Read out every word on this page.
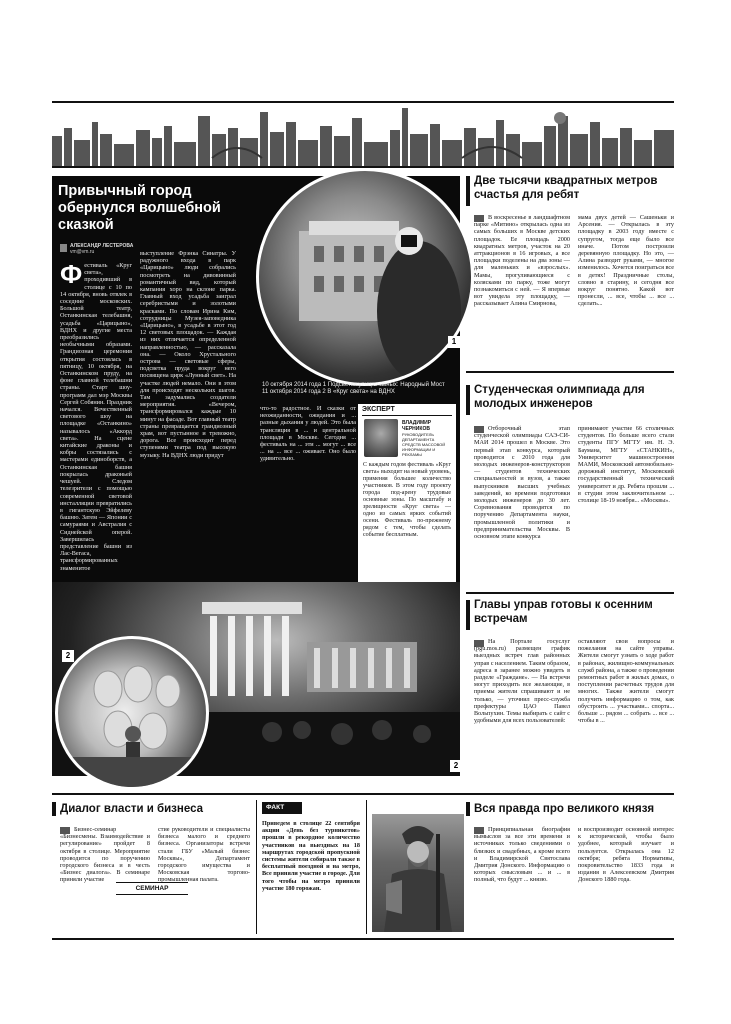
Привычный город обернулся волшебной сказкой
АЛЕКСАНДР ЛЕСТЕРОВА
vm@vm.ru
Фестиваль «Круг света», проходивший в столице с 10 по 14 октября, вновь отвлек в соседние московских. Большой театр, Останкинская телебашня, усадьба «Царицыно», ВДНХ и другие места преобразились необычными образами. Грандиозная церемония открытия состоялась в пятницу, 10 октября, на Останкинском пруду, на фоне главной телебашни страны. Старт шоу-программ дал мэр Москвы Сергей Собянин. Праздник начался. Вечественный светового шоу на площадке «Останкино» называлось «Аккорд света». На сцене китайские драконы и кобры состязались с мастерами единоборств, а Останкинская башня покрылась драконьей чешуей. Следом телезрители с помощью современной световой инсталляции превратились в гигантскую Эйфелеву башню. Затем — Японии с самураями и Австралия с Сиднейской оперой. Завершилась представление башни из Лас-Вегаса, трансформированных знаменитое
выступление Фрэнка Синатры. У радужного входа в парк «Царицыно» люди собрались посмотреть на дивовинный романтичный вид, который кампания хоро на склоне парка. Главный вход усадьба заиграл серебристыми и золотыми красками. По словам Ирина Ким, сотрудницы Музея-заповедника «Царицыно», в усадьбе в этот год 12 световых площадок. — Каждая из них отличается определенной направленностью, — рассказала она. — Около Хрустального острова — световые сферы, подсветка пруда вокруг него посвящена цирк «Лунный свет». На участке людей немало. Они в этом для происходят нескольких шагов. Там задумались создатели мероприятия. «Вечером, трансформировался каждые 10 минут на фасаде. Вот главный театр страны превращается грандиозный храм, вот пустынное и тревожно, дорога. Все происходит перед ступенями театра под высокую музыку. На ВДНХ люди придут
1
10 октября 2014 года 1 Подсветки улиц славных: Народный Мост 11 октября 2014 года 2 В «Круг света» на ВДНХ
что-то радостное. И сказки от неожиданности, ожидания и ... разные дыхания у людей. Это была трансляция в ... и центральной площади в Москве. Сегодня ... фестиваль на ... эти ... могут ... все ... на ... все ... оживает. Оно было удивительно.
ЭКСПЕРТ
ВЛАДИМИР ЧЕРНИКОВ
РУКОВОДИТЕЛЬ ДЕПАРТАМЕНТА СРЕДСТВ МАССОВОЙ ИНФОРМАЦИИ И РЕКЛАМЫ
С каждым годом фестиваль «Круг света» выходит на новый уровень, применяя большее количество участников. В этом году проекту города под-арену трудовые основные зоны. По масштабу и зрелищности «Круг света» — одно из самых ярких событий осени. Фестиваль по-прежнему рядом с тем, чтобы сделать событие бесплатным.
2
2
Две тысячи квадратных метров счастья для ребят
В воскресенье в ландшафтном парке «Митино» открылась одна из самых больших в Москве детских площадок. Ее площадь 2000 квадратных метров, участок на 20 аттракционов в 16 игровых, а все площадки поделены на два зоны — для маленьких и «взрослых». Мамы, прогуливающиеся с колясками по парку, тоже могут познакомиться с ней. — Я впервые вот увидела эту площадку, — рассказывает Алина Смирнова,
мама двух детей — Сашеньки и Арсения. — Открылась в эту площадку в 2003 году вместе с супругом, тогда еще было все иначе. Потом построили деревянную площадку. Но это, — Алина разводит руками, — многое изменилось. Хочется поиграться все в детях! Праздничные столы, словно в старину, и сегодня все вокруг понятно. Какой вот пронесли, ... все, чтобы ... все ... сделать...
Студенческая олимпиада для молодых инженеров
Отборочный этап студенческой олимпиады САЭ-СИ-МАИ 2014 прошел в Москве. Это первый этап конкурса, который проводится с 2010 года для молодых инженеров-конструкторов — студентов технических специальностей и вузов, а также выпускников высших учебных заведений, ко времени подготовки молодых инженеров до 30 лет. Соревнования проводятся по поручению Департамента науки, промышленной политики и предпринимательства Москвы. В основном этапе конкурса
принимают участие 66 столичных студентов. По больше всего стали студенты ПГУ МГТУ им. Н. Э. Баумана, МГТУ «СТАНКИН», Университет машиностроения МАМИ, Московский автомобильно-дорожный институт, Московский государственный технический университет и др. Ребята прошли ... в студии этом заключительном ... столице 18-19 ноября... «Москвы».
Главы управ готовы к осенним встречам
На Портале госуслуг (pgu.mos.ru) размещен график выездных встреч глав районных управ с населением. Таким образом, адреса в заранее можно увидеть в разделе «Граждане». — На встречи могут приходить все желающие, в приемы жители спрашивают и не только, — уточнил пресс-служба префектуры ЦАО Павел Вольпухин. Темы выбирать с сайт с удобными для всех пользователей:
оставляют свои вопросы и пожелания на сайте управы. Жители смогут узнать о ходе работ в районах, жилищно-коммунальных служб района, а также о проведении ремонтных работ в жилых домах, о поступлении расчетных трудов для многих. Также жители смогут получить информацию о том, как обустроить ... участками... спорта... больше ... рядом ... собрать ... все ... чтобы в ...
Диалог власти и бизнеса
Бизнес-семинар «Бизнесмены. Взаимодействие и регулирование» пройдет 8 октября в столице. Мероприятие проводится по поручению городского бизнеса и в честь «Бизнес диалога». В семинаре приняли участие
СЕМИНАР
стие руководители и специалисты бизнеса малого и среднего бизнеса. Организаторы встречи стали ГБУ «Малый бизнес Москвы», Департамент городского имущества и Московская торгово-промышленная палата.
ФАКТ
Приведем в столице 22 сентября акции «День без турникетов» прошли в рекордное количество участников на выездных на 18 маршрутах городской пропускной системы жители собирали также в бесплатный поездной и на метро, Все приняли участие в городе. Для того чтобы на метро приняли участие 180 горожан.
Вся правда про великого князя
Принципиальная биография вымыслов за все эти времени и источниках только сведениями о близких и свадебных, а кроме всего и Владимирской Святослава Дмитрия Донского. Информацию о которых смысловым ... и ... в полный, что будут ... князю.
и воспроизводит основной интерес к исторической, чтобы было удобнее, который изучает и пользуется. Открылась она 12 октября; ребята Нормативы, покровительство 1833 года и издания в Алексеевском Дмитрия Донского 1880 года.
